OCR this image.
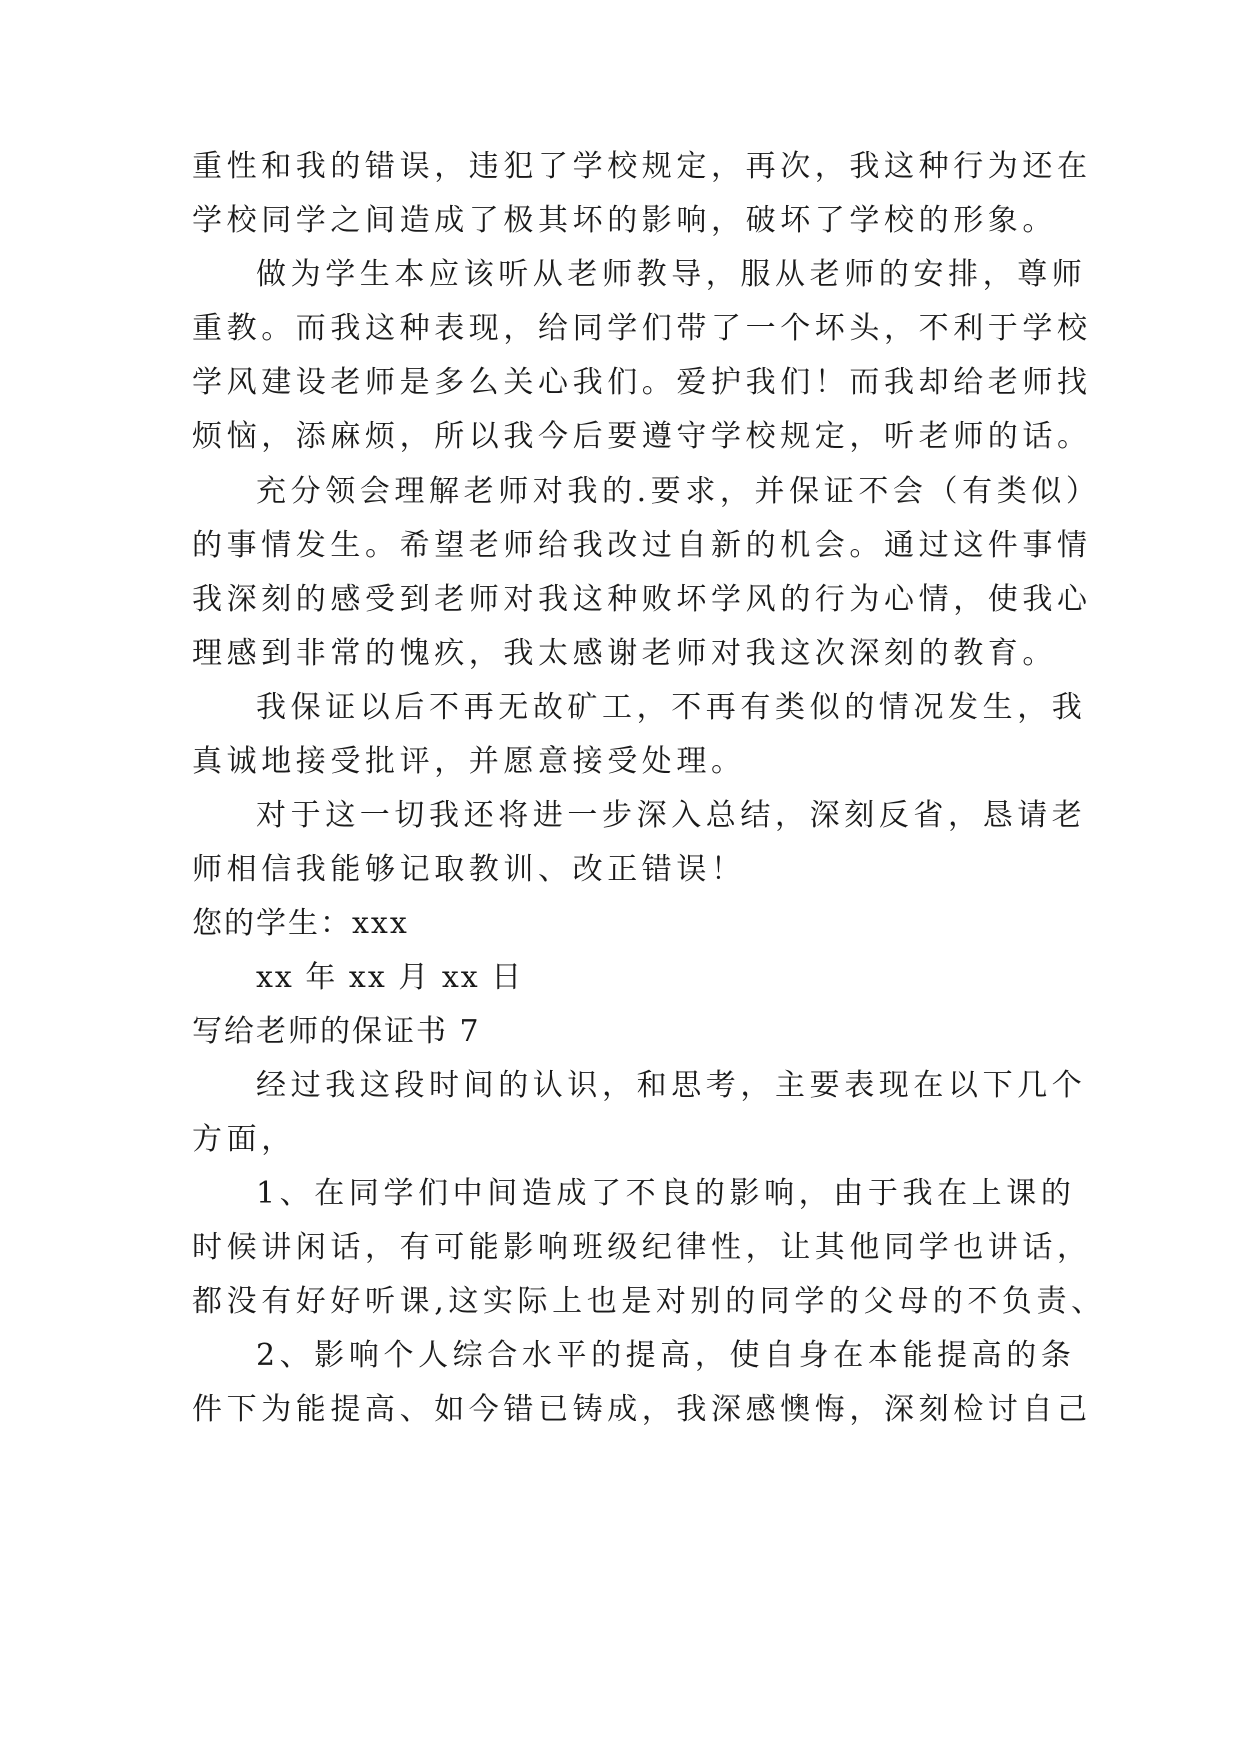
重性和我的错误，违犯了学校规定，再次，我这种行为还在

学校同学之间造成了极其坏的影响，破坏了学校的形象。

做为学生本应该听从老师教导，服从老师的安排，尊师

重教。而我这种表现，给同学们带了一个坏头，不利于学校

学风建设老师是多么关心我们。爱护我们！而我却给老师找

烦恼，添麻烦，所以我今后要遵守学校规定，听老师的话。

充分领会理解老师对我的.要求，并保证不会（有类似）

的事情发生。希望老师给我改过自新的机会。通过这件事情

我深刻的感受到老师对我这种败坏学风的行为心情，使我心

理感到非常的愧疚，我太感谢老师对我这次深刻的教育。

我保证以后不再无故矿工，不再有类似的情况发生，我

真诚地接受批评，并愿意接受处理。

对于这一切我还将进一步深入总结，深刻反省，恳请老

师相信我能够记取教训、改正错误！

您的学生：xxx

xx 年 xx 月 xx 日

写给老师的保证书 7

经过我这段时间的认识，和思考，主要表现在以下几个

方面，

1、在同学们中间造成了不良的影响，由于我在上课的

时候讲闲话，有可能影响班级纪律性，让其他同学也讲话，

都没有好好听课,这实际上也是对别的同学的父母的不负责、

2、影响个人综合水平的提高，使自身在本能提高的条

件下为能提高、如今错已铸成，我深感懊悔，深刻检讨自己
